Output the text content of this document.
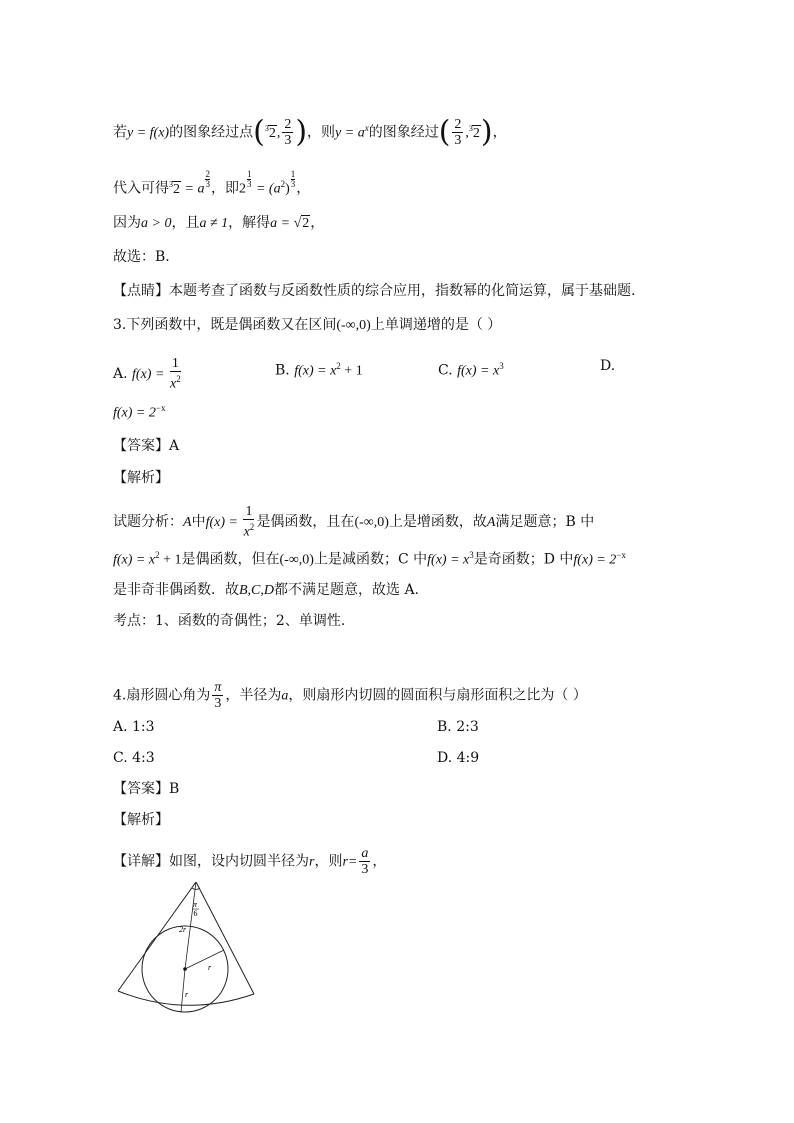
若y = f(x)的图象经过点($^3$2, $\frac{2}{3}$ )，则$y = a^x$的图象经过( $\frac{2}{3} ,^32$)，
代入可得$^3$2 = a
$\frac{2}{3}$ ，即2
$\frac{1}{3}$
= $(a^2)$
$\frac{1}{3}$ ，
因为a > 0，且a ≠ 1，解得a = √2，
故选：B.
【点睛】本题考查了函数与反函数性质的综合应用，指数幂的化简运算，属于基础题.
3.下列函数中，既是偶函数又在区间(-∞,0)上单调递增的是（ ）
A. $f(x) = \frac{1}{x^2}$	B. $f(x) = x^2 + 1$	C. $f(x) = x^3$	D.
$f(x) = 2^{-x}$
【答案】A
【解析】
试题分析：A中$f(x) = \frac{1}{x^2}$ 是偶函数，且在(-∞,0)上是增函数，故A满足题意；B 中
$f(x) = x^2 + 1$是偶函数，但在(-∞,0)上是减函数；C 中$f(x) = x^3$是奇函数；D 中$f(x) = 2^{-x}$
是非奇非偶函数．故B,C,D都不满足题意，故选 A.
考点：1、函数的奇偶性；2、单调性.
4.扇形圆心角为 $\frac{\pi}{3}$ ，半径为a，则扇形内切圆的圆面积与扇形面积之比为（ ）
A. 1:3	B. 2:3
C. 4:3	D. 4:9
【答案】B
【解析】
【详解】如图，设内切圆半径为r，则$r= \frac{a}{3}$ ，
π
6
2r
r
r
